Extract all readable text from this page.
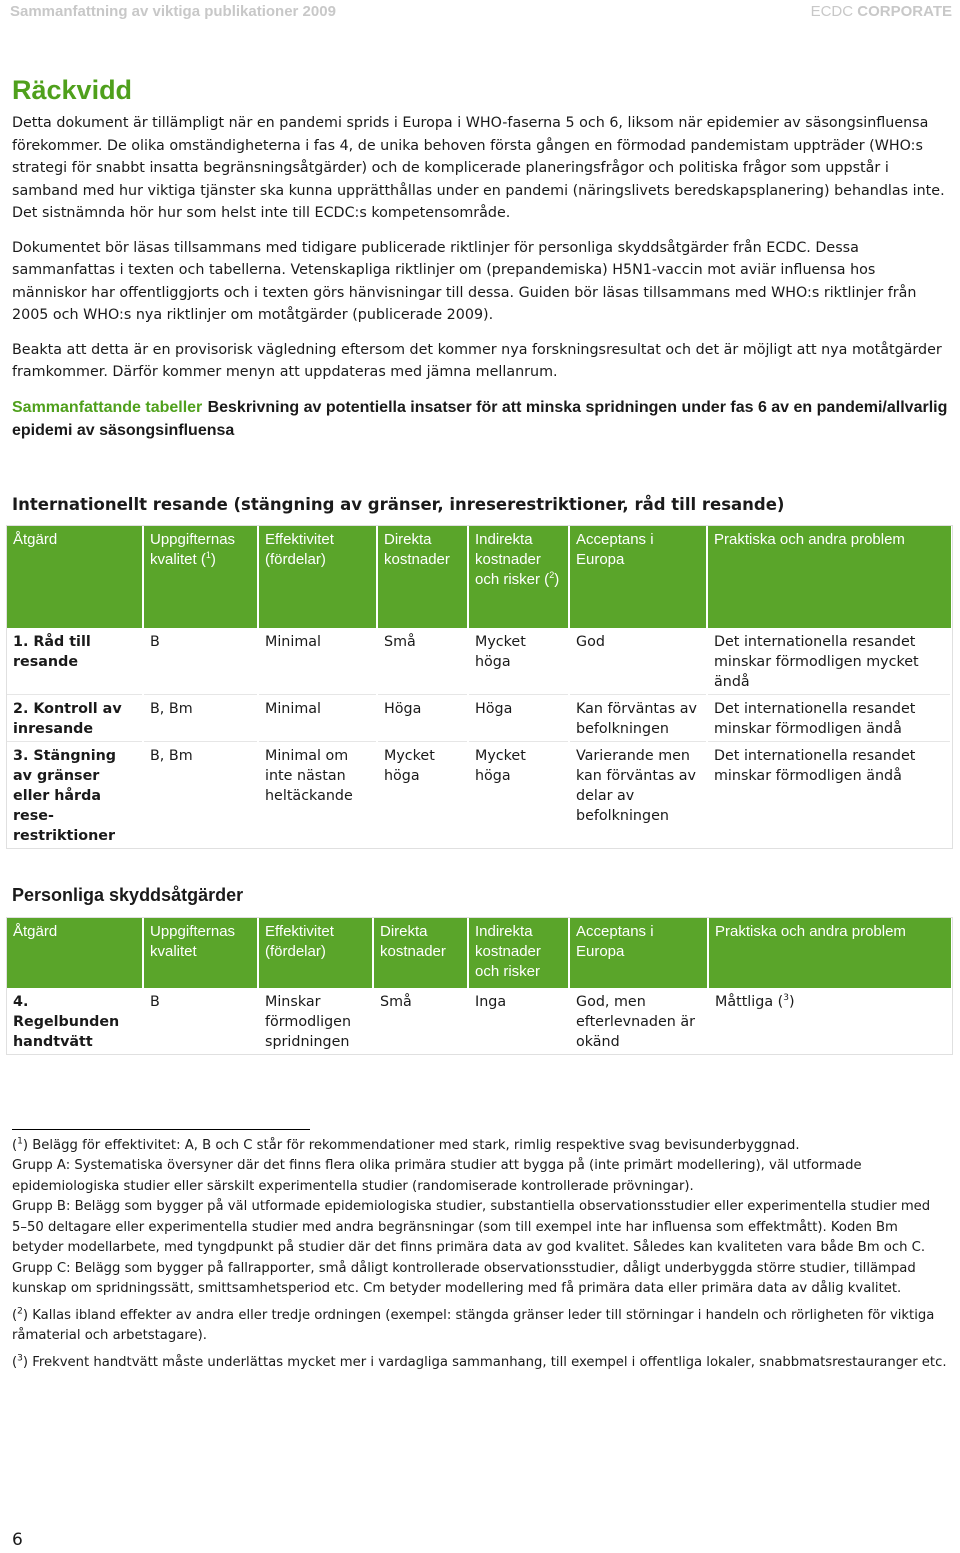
Sammanfattning av viktiga publikationer 2009	ECDC CORPORATE
Räckvidd

Detta dokument är tillämpligt när en pandemi sprids i Europa i WHO-faserna 5 och 6, liksom när epidemier av säsongsinfluensa förekommer. De olika omständigheterna i fas 4, de unika behoven första gången en förmodad pandemistam uppträder (WHO:s strategi för snabbt insatta begränsningsåtgärder) och de komplicerade planeringsfrågor och politiska frågor som uppstår i samband med hur viktiga tjänster ska kunna upprätthållas under en pandemi (näringslivets beredskapsplanering) behandlas inte. Det sistnämnda hör hur som helst inte till ECDC:s kompetensområde.

Dokumentet bör läsas tillsammans med tidigare publicerade riktlinjer för personliga skyddsåtgärder från ECDC. Dessa sammanfattas i texten och tabellerna. Vetenskapliga riktlinjer om (prepandemiska) H5N1-vaccin mot aviär influensa hos människor har offentliggjorts och i texten görs hänvisningar till dessa. Guiden bör läsas tillsammans med WHO:s riktlinjer från 2005 och WHO:s nya riktlinjer om motåtgärder (publicerade 2009).

Beakta att detta är en provisorisk vägledning eftersom det kommer nya forskningsresultat och det är möjligt att nya motåtgärder framkommer. Därför kommer menyn att uppdateras med jämna mellanrum.

Sammanfattande tabeller Beskrivning av potentiella insatser för att minska spridningen under fas 6 av en pandemi/allvarlig epidemi av säsongsinfluensa

Internationellt resande (stängning av gränser, inreserestriktioner, råd till resande)
Åtgärd	Uppgifternas kvalitet ($^1$)	Effektivitet (fördelar)	Direkta kostnader	Indirekta kostnader och risker ($^2$)	Acceptans i Europa	Praktiska och andra problem
1. Råd till resande	B	Minimal	Små	Mycket höga	God	Det internationella resandet minskar förmodligen mycket ändå
2. Kontroll av inresande	B, Bm	Minimal	Höga	Höga	Kan förväntas av befolkningen	Det internationella resandet minskar förmodligen ändå
3. Stängning av gränser eller hårda rese-restriktioner	B, Bm	Minimal om inte nästan heltäckande	Mycket höga	Mycket höga	Varierande men kan förväntas av delar av befolkningen	Det internationella resandet minskar förmodligen ändå
Personliga skyddsåtgärder
Åtgärd	Uppgifternas kvalitet	Effektivitet (fördelar)	Direkta kostnader	Indirekta kostnader och risker	Acceptans i Europa	Praktiska och andra problem
4. Regelbunden handtvätt	B	Minskar förmodligen spridningen	Små	Inga	God, men efterlevnaden är okänd	Måttliga ($^3$)

($^1$) Belägg för effektivitet: A, B och C står för rekommendationer med stark, rimlig respektive svag bevisunderbyggnad.

Grupp A: Systematiska översyner där det finns flera olika primära studier att bygga på (inte primärt modellering), väl utformade epidemiologiska studier eller särskilt experimentella studier (randomiserade kontrollerade prövningar).

Grupp B: Belägg som bygger på väl utformade epidemiologiska studier, substantiella observationsstudier eller experimentella studier med 5–50 deltagare eller experimentella studier med andra begränsningar (som till exempel inte har influensa som effektmått). Koden Bm betyder modellarbete, med tyngdpunkt på studier där det finns primära data av god kvalitet. Således kan kvaliteten vara både Bm och C.

Grupp C: Belägg som bygger på fallrapporter, små dåligt kontrollerade observationsstudier, dåligt underbyggda större studier, tillämpad kunskap om spridningssätt, smittsamhetsperiod etc. Cm betyder modellering med få primära data eller primära data av dålig kvalitet.

($^2$) Kallas ibland effekter av andra eller tredje ordningen (exempel: stängda gränser leder till störningar i handeln och rörligheten för viktiga råmaterial och arbetstagare).

($^3$) Frekvent handtvätt måste underlättas mycket mer i vardagliga sammanhang, till exempel i offentliga lokaler, snabbmatsrestauranger etc.

6
